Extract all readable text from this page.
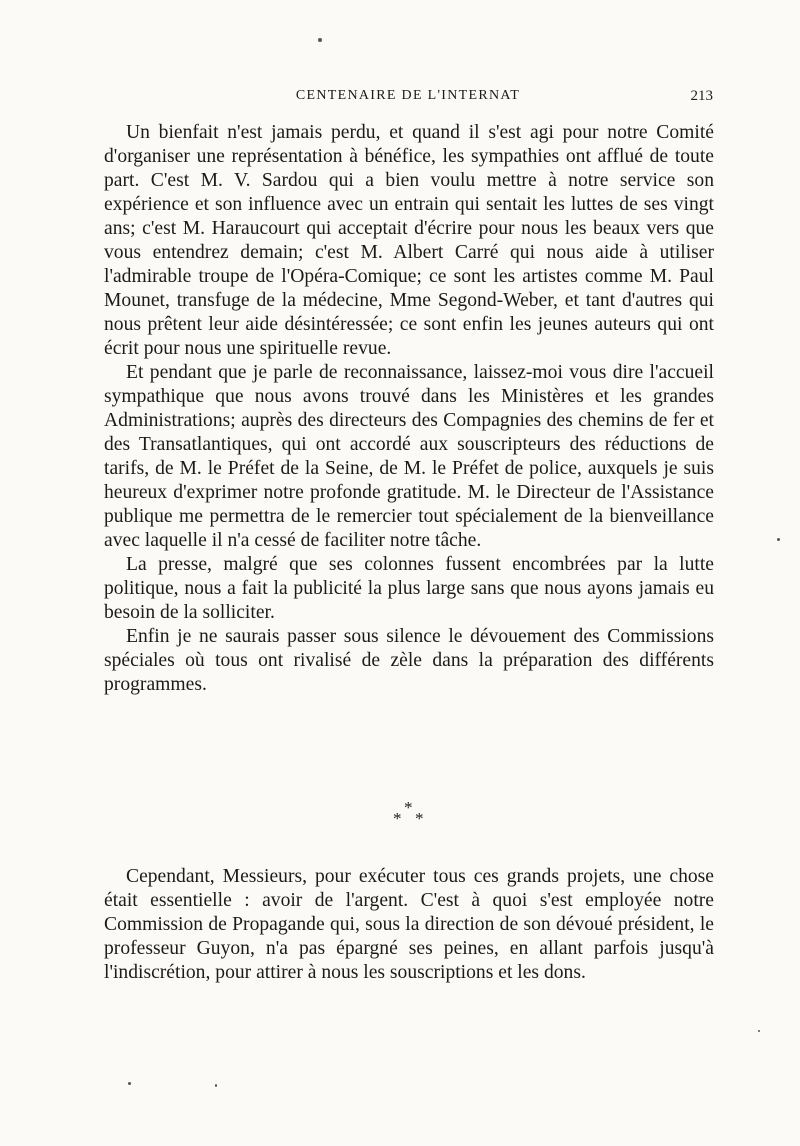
CENTENAIRE DE L'INTERNAT	213

Un bienfait n'est jamais perdu, et quand il s'est agi pour notre Comité d'organiser une représentation à bénéfice, les sympathies ont afflué de toute part. C'est M. V. Sardou qui a bien voulu mettre à notre service son expérience et son influence avec un entrain qui sentait les luttes de ses vingt ans; c'est M. Haraucourt qui acceptait d'écrire pour nous les beaux vers que vous entendrez demain; c'est M. Albert Carré qui nous aide à utiliser l'admirable troupe de l'Opéra-Comique; ce sont les artistes comme M. Paul Mounet, transfuge de la médecine, Mme Segond-Weber, et tant d'autres qui nous prêtent leur aide désintéressée; ce sont enfin les jeunes auteurs qui ont écrit pour nous une spirituelle revue.

Et pendant que je parle de reconnaissance, laissez-moi vous dire l'accueil sympathique que nous avons trouvé dans les Ministères et les grandes Administrations; auprès des directeurs des Compagnies des chemins de fer et des Transatlantiques, qui ont accordé aux souscripteurs des réductions de tarifs, de M. le Préfet de la Seine, de M. le Préfet de police, auxquels je suis heureux d'exprimer notre profonde gratitude. M. le Directeur de l'Assistance publique me permettra de le remercier tout spécialement de la bienveillance avec laquelle il n'a cessé de faciliter notre tâche.

La presse, malgré que ses colonnes fussent encombrées par la lutte politique, nous a fait la publicité la plus large sans que nous ayons jamais eu besoin de la solliciter.

Enfin je ne saurais passer sous silence le dévouement des Commissions spéciales où tous ont rivalisé de zèle dans la préparation des différents programmes.

*
* *

Cependant, Messieurs, pour exécuter tous ces grands projets, une chose était essentielle : avoir de l'argent. C'est à quoi s'est employée notre Commission de Propagande qui, sous la direction de son dévoué président, le professeur Guyon, n'a pas épargné ses peines, en allant parfois jusqu'à l'indiscrétion, pour attirer à nous les souscriptions et les dons.
